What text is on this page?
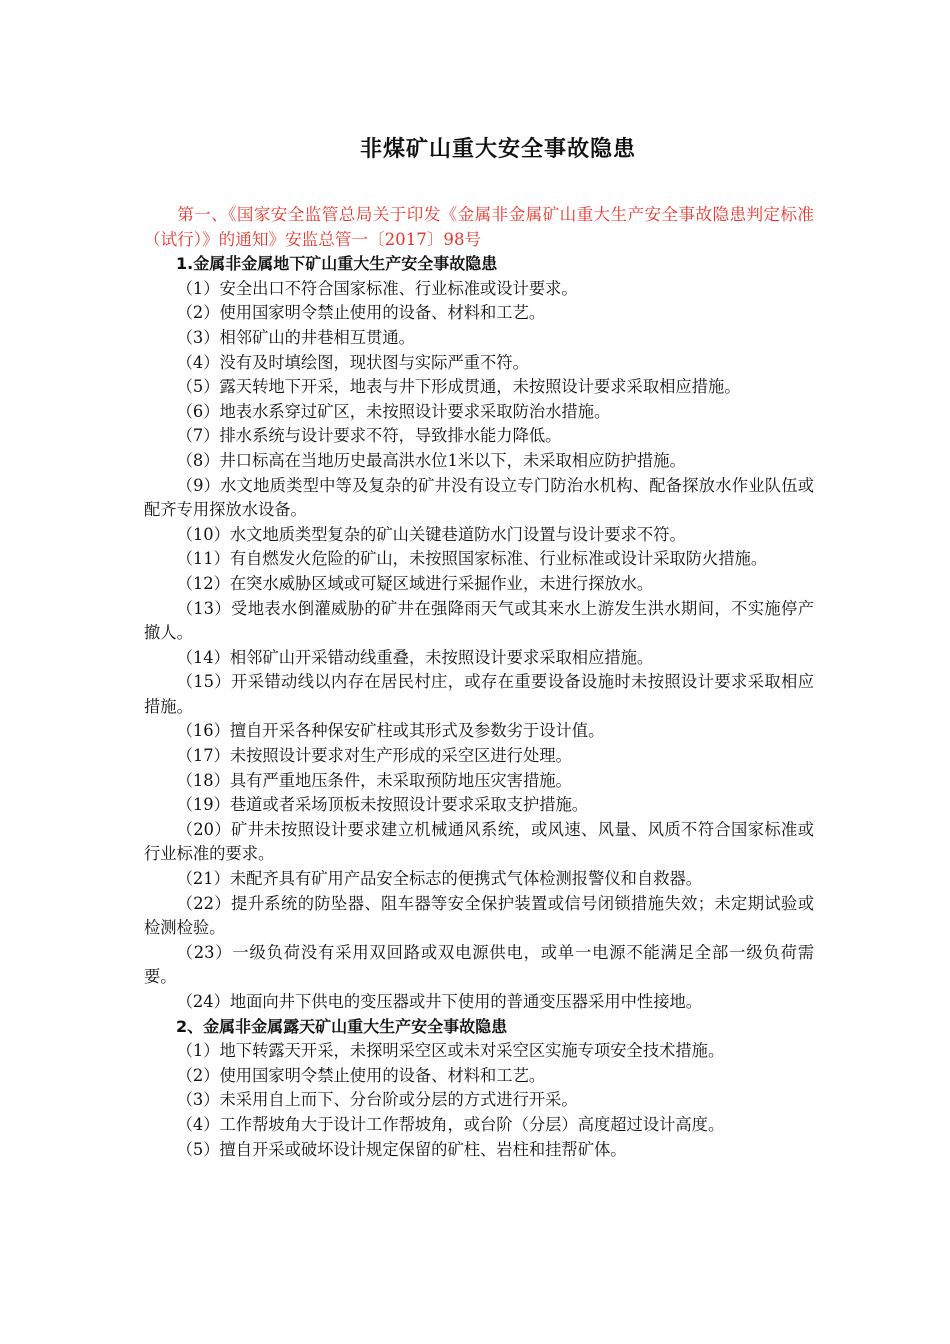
非煤矿山重大安全事故隐患

第一、《国家安全监管总局关于印发《金属非金属矿山重大生产安全事故隐患判定标准（试行）》的通知》安监总管一〔2017〕98号

1.金属非金属地下矿山重大生产安全事故隐患

（1）安全出口不符合国家标准、行业标准或设计要求。

（2）使用国家明令禁止使用的设备、材料和工艺。

（3）相邻矿山的井巷相互贯通。

（4）没有及时填绘图，现状图与实际严重不符。

（5）露天转地下开采，地表与井下形成贯通，未按照设计要求采取相应措施。

（6）地表水系穿过矿区，未按照设计要求采取防治水措施。

（7）排水系统与设计要求不符，导致排水能力降低。

（8）井口标高在当地历史最高洪水位1米以下，未采取相应防护措施。

（9）水文地质类型中等及复杂的矿井没有设立专门防治水机构、配备探放水作业队伍或配齐专用探放水设备。

（10）水文地质类型复杂的矿山关键巷道防水门设置与设计要求不符。

（11）有自燃发火危险的矿山，未按照国家标准、行业标准或设计采取防火措施。

（12）在突水威胁区域或可疑区域进行采掘作业，未进行探放水。

（13）受地表水倒灌威胁的矿井在强降雨天气或其来水上游发生洪水期间，不实施停产撤人。

（14）相邻矿山开采错动线重叠，未按照设计要求采取相应措施。

（15）开采错动线以内存在居民村庄，或存在重要设备设施时未按照设计要求采取相应措施。

（16）擅自开采各种保安矿柱或其形式及参数劣于设计值。

（17）未按照设计要求对生产形成的采空区进行处理。

（18）具有严重地压条件，未采取预防地压灾害措施。

（19）巷道或者采场顶板未按照设计要求采取支护措施。

（20）矿井未按照设计要求建立机械通风系统，或风速、风量、风质不符合国家标准或行业标准的要求。

（21）未配齐具有矿用产品安全标志的便携式气体检测报警仪和自救器。

（22）提升系统的防坠器、阻车器等安全保护装置或信号闭锁措施失效；未定期试验或检测检验。

（23）一级负荷没有采用双回路或双电源供电，或单一电源不能满足全部一级负荷需要。

（24）地面向井下供电的变压器或井下使用的普通变压器采用中性接地。

2、金属非金属露天矿山重大生产安全事故隐患

（1）地下转露天开采，未探明采空区或未对采空区实施专项安全技术措施。

（2）使用国家明令禁止使用的设备、材料和工艺。

（3）未采用自上而下、分台阶或分层的方式进行开采。

（4）工作帮坡角大于设计工作帮坡角，或台阶（分层）高度超过设计高度。

（5）擅自开采或破坏设计规定保留的矿柱、岩柱和挂帮矿体。
